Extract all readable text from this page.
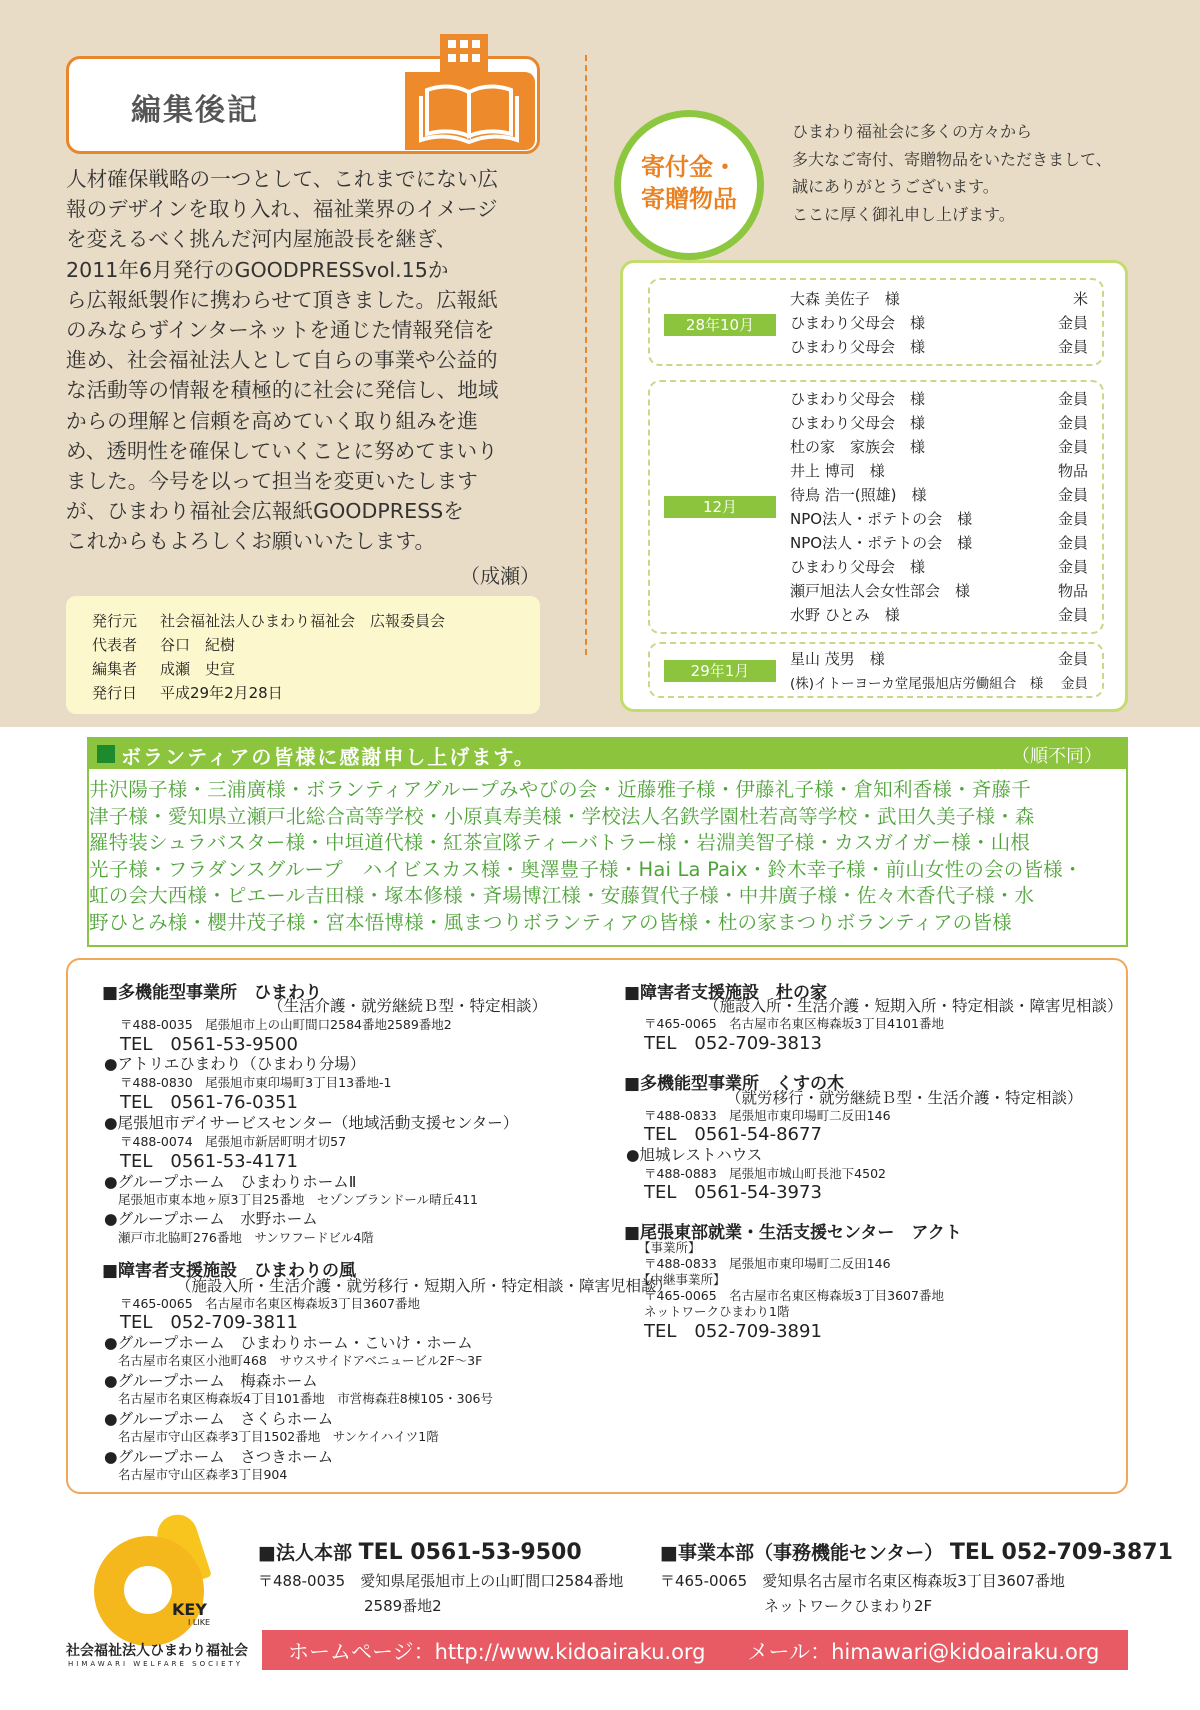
編集後記
人材確保戦略の一つとして、これまでにない広
報のデザインを取り入れ、福祉業界のイメージ
を変えるべく挑んだ河内屋施設長を継ぎ、
2011年6月発行のGOODPRESSvol.15か
ら広報紙製作に携わらせて頂きました。広報紙
のみならずインターネットを通じた情報発信を
進め、社会福祉法人として自らの事業や公益的
な活動等の情報を積極的に社会に発信し、地域
からの理解と信頼を高めていく取り組みを進
め、透明性を確保していくことに努めてまいり
ました。今号を以って担当を変更いたします
が、ひまわり福祉会広報紙GOODPRESSを
これからもよろしくお願いいたします。
（成瀬）
発行元 社会福祉法人ひまわり福祉会　広報委員会
代表者 谷口　紀樹
編集者 成瀬　史宣
発行日 平成29年2月28日
寄付金・
寄贈物品
ひまわり福祉会に多くの方々から
多大なご寄付、寄贈物品をいただきまして、
誠にありがとうございます。
ここに厚く御礼申し上げます。
28年10月
大森 美佐子　様	米
ひまわり父母会　様	金員
ひまわり父母会　様	金員
12月
ひまわり父母会　様	金員
ひまわり父母会　様	金員
杜の家　家族会　様	金員
井上 博司　様	物品
待鳥 浩一(照雄)　様	金員
NPO法人・ポテトの会　様	金員
NPO法人・ポテトの会　様	金員
ひまわり父母会　様	金員
瀬戸旭法人会女性部会　様	物品
水野 ひとみ　様	金員
29年1月
星山 茂男　様	金員
(株)イトーヨーカ堂尾張旭店労働組合　様 金員
ボランティアの皆様に感謝申し上げます。	（順不同）
井沢陽子様・三浦廣様・ボランティアグループみやびの会・近藤雅子様・伊藤礼子様・倉知利香様・斉藤千
津子様・愛知県立瀬戸北総合高等学校・小原真寿美様・学校法人名鉄学園杜若高等学校・武田久美子様・森
羅特装シュラバスター様・中垣道代様・紅茶宣隊ティーバトラー様・岩淵美智子様・カスガイガー様・山根
光子様・フラダンスグループ　ハイビスカス様・奥澤豊子様・Hai La Paix・鈴木幸子様・前山女性の会の皆様・
虹の会大西様・ピエール吉田様・塚本修様・斉場博江様・安藤賀代子様・中井廣子様・佐々木香代子様・水
野ひとみ様・櫻井茂子様・宮本悟博様・風まつりボランティアの皆様・杜の家まつりボランティアの皆様
■多機能型事業所　ひまわり
（生活介護・就労継続Ｂ型・特定相談）
〒488-0035　尾張旭市上の山町間口2584番地2589番地2
TEL　0561-53-9500
●アトリエひまわり（ひまわり分場）
〒488-0830　尾張旭市東印場町3丁目13番地-1
TEL　0561-76-0351
●尾張旭市デイサービスセンター（地域活動支援センター）
〒488-0074　尾張旭市新居町明才切57
TEL　0561-53-4171
●グループホーム　ひまわりホームⅡ
尾張旭市東本地ヶ原3丁目25番地　セゾンブランドール晴丘411
●グループホーム　水野ホーム
瀬戸市北脇町276番地　サンワフードビル4階
■障害者支援施設　ひまわりの風
（施設入所・生活介護・就労移行・短期入所・特定相談・障害児相談）
〒465-0065　名古屋市名東区梅森坂3丁目3607番地
TEL　052-709-3811
●グループホーム　ひまわりホーム・こいけ・ホーム
名古屋市名東区小池町468　サウスサイドアベニュービル2F～3F
●グループホーム　梅森ホーム
名古屋市名東区梅森坂4丁目101番地　市営梅森荘8棟105・306号
●グループホーム　さくらホーム
名古屋市守山区森孝3丁目1502番地　サンケイハイツ1階
●グループホーム　さつきホーム
名古屋市守山区森孝3丁目904
■障害者支援施設　杜の家
（施設入所・生活介護・短期入所・特定相談・障害児相談）
〒465-0065　名古屋市名東区梅森坂3丁目4101番地
TEL　052-709-3813
■多機能型事業所　くすの木
（就労移行・就労継続Ｂ型・生活介護・特定相談）
〒488-0833　尾張旭市東印場町二反田146
TEL　0561-54-8677
●旭城レストハウス
〒488-0883　尾張旭市城山町長池下4502
TEL　0561-54-3973
■尾張東部就業・生活支援センター　アクト
【事業所】
〒488-0833　尾張旭市東印場町二反田146
【中継事業所】
〒465-0065　名古屋市名東区梅森坂3丁目3607番地
ネットワークひまわり1階
TEL　052-709-3891
KEY
I LIKE
社会福祉法人ひまわり福祉会
HIMAWARI WELFARE SOCIETY
■法人本部 TEL 0561-53-9500
〒488-0035　愛知県尾張旭市上の山町間口2584番地
2589番地2
■事業本部（事務機能センター） TEL 052-709-3871
〒465-0065　愛知県名古屋市名東区梅森坂3丁目3607番地
ネットワークひまわり2F
ホームページ：http://www.kidoairaku.org　　メール：himawari@kidoairaku.org
